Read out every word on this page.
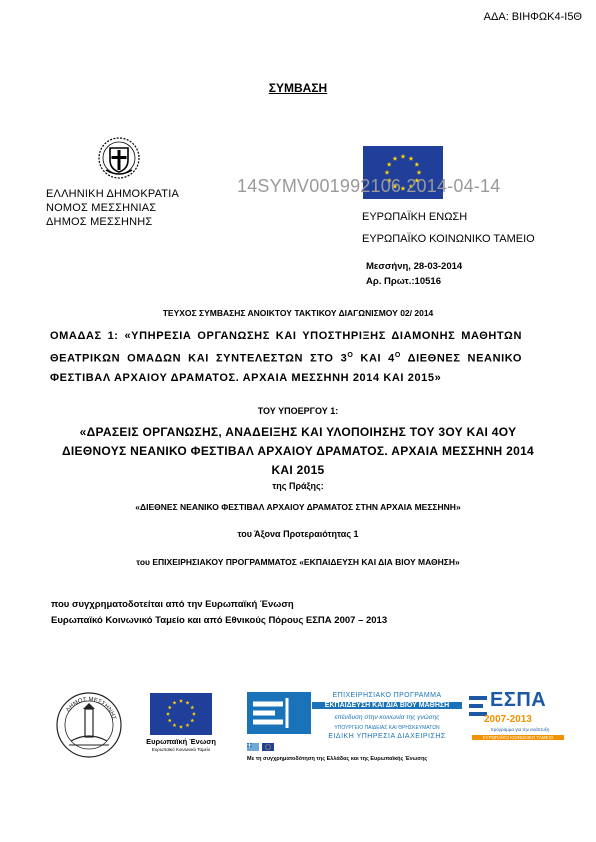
ΑΔΑ: ΒΙΗΦΩΚ4-Ι5Θ
ΣΥΜΒΑΣΗ
ΕΛΛΗΝΙΚΗ ΔΗΜΟΚΡΑΤΙΑ
ΝΟΜΟΣ ΜΕΣΣΗΝΙΑΣ
ΔΗΜΟΣ ΜΕΣΣΗΝΗΣ
14SYMV001992106 2014-04-14
ΕΥΡΩΠΑΪΚΗ ΕΝΩΣΗ
ΕΥΡΩΠΑΪΚΟ ΚΟΙΝΩΝΙΚΟ ΤΑΜΕΙΟ
Μεσσήνη, 28-03-2014
Αρ. Πρωτ.:10516
ΤΕΥΧΟΣ ΣΥΜΒΑΣΗΣ ΑΝΟΙΚΤΟΥ ΤΑΚΤΙΚΟΥ ΔΙΑΓΩΝΙΣΜΟΥ 02/ 2014
ΟΜΑΔΑΣ 1: «ΥΠΗΡΕΣΙΑ ΟΡΓΑΝΩΣΗΣ ΚΑΙ ΥΠΟΣΤΗΡΙΞΗΣ ΔΙΑΜΟΝΗΣ ΜΑΘΗΤΩΝ ΘΕΑΤΡΙΚΩΝ ΟΜΑΔΩΝ ΚΑΙ ΣΥΝΤΕΛΕΣΤΩΝ ΣΤΟ $3^O$ ΚΑΙ $4^O$ ΔΙΕΘΝΕΣ ΝΕΑΝΙΚΟ ΦΕΣΤΙΒΑΛ ΑΡΧΑΙΟΥ ΔΡΑΜΑΤΟΣ. ΑΡΧΑΙΑ ΜΕΣΣΗΝΗ 2014 ΚΑΙ 2015»
ΤΟΥ ΥΠΟΕΡΓΟΥ 1:
«ΔΡΑΣΕΙΣ ΟΡΓΑΝΩΣΗΣ, ΑΝΑΔΕΙΞΗΣ ΚΑΙ ΥΛΟΠΟΙΗΣΗΣ ΤΟΥ 3ΟΥ ΚΑΙ 4ΟΥ ΔΙΕΘΝΟΥΣ ΝΕΑΝΙΚΟ ΦΕΣΤΙΒΑΛ ΑΡΧΑΙΟΥ ΔΡΑΜΑΤΟΣ. ΑΡΧΑΙΑ ΜΕΣΣΗΝΗ 2014 ΚΑΙ 2015
της Πράξης:
«ΔΙΕΘΝΕΣ ΝΕΑΝΙΚΟ ΦΕΣΤΙΒΑΛ ΑΡΧΑΙΟΥ ΔΡΑΜΑΤΟΣ ΣΤΗΝ ΑΡΧΑΙΑ ΜΕΣΣΗΝΗ»
του Άξονα Προτεραιότητας 1
του ΕΠΙΧΕΙΡΗΣΙΑΚΟΥ ΠΡΟΓΡΑΜΜΑΤΟΣ «ΕΚΠΑΙΔΕΥΣΗ ΚΑΙ ΔΙΑ ΒΙΟΥ ΜΑΘΗΣΗ»
που συγχρηματοδοτείται από την Ευρωπαϊκή Ένωση
Ευρωπαϊκό Κοινωνικό Ταμείο και από Εθνικούς Πόρους ΕΣΠΑ 2007 – 2013
ΔΗΜΟΣ ΜΕΣΣΗΝΗΣ
Ευρωπαϊκή Ένωση
Ευρωπαϊκό Κοινωνικό Ταμείο
ΕΠΙΧΕΙΡΗΣΙΑΚΟ ΠΡΟΓΡΑΜΜΑ
ΕΚΠΑΙΔΕΥΣΗ ΚΑΙ ΔΙΑ ΒΙΟΥ ΜΑΘΗΣΗ
επένδυση στην κοινωνία της γνώσης
ΥΠΟΥΡΓΕΙΟ ΠΑΙΔΕΙΑΣ ΚΑΙ ΘΡΗΣΚΕΥΜΑΤΩΝ
ΕΙΔΙΚΗ ΥΠΗΡΕΣΙΑ ΔΙΑΧΕΙΡΙΣΗΣ
ΕΣΠΑ
2007-2013
πρόγραμμα για την ανάπτυξη
ΕΥΡΩΠΑΪΚΟ ΚΟΙΝΩΝΙΚΟ ΤΑΜΕΙΟ
Με τη συγχρηματοδότηση της Ελλάδας και της Ευρωπαϊκής Ένωσης
